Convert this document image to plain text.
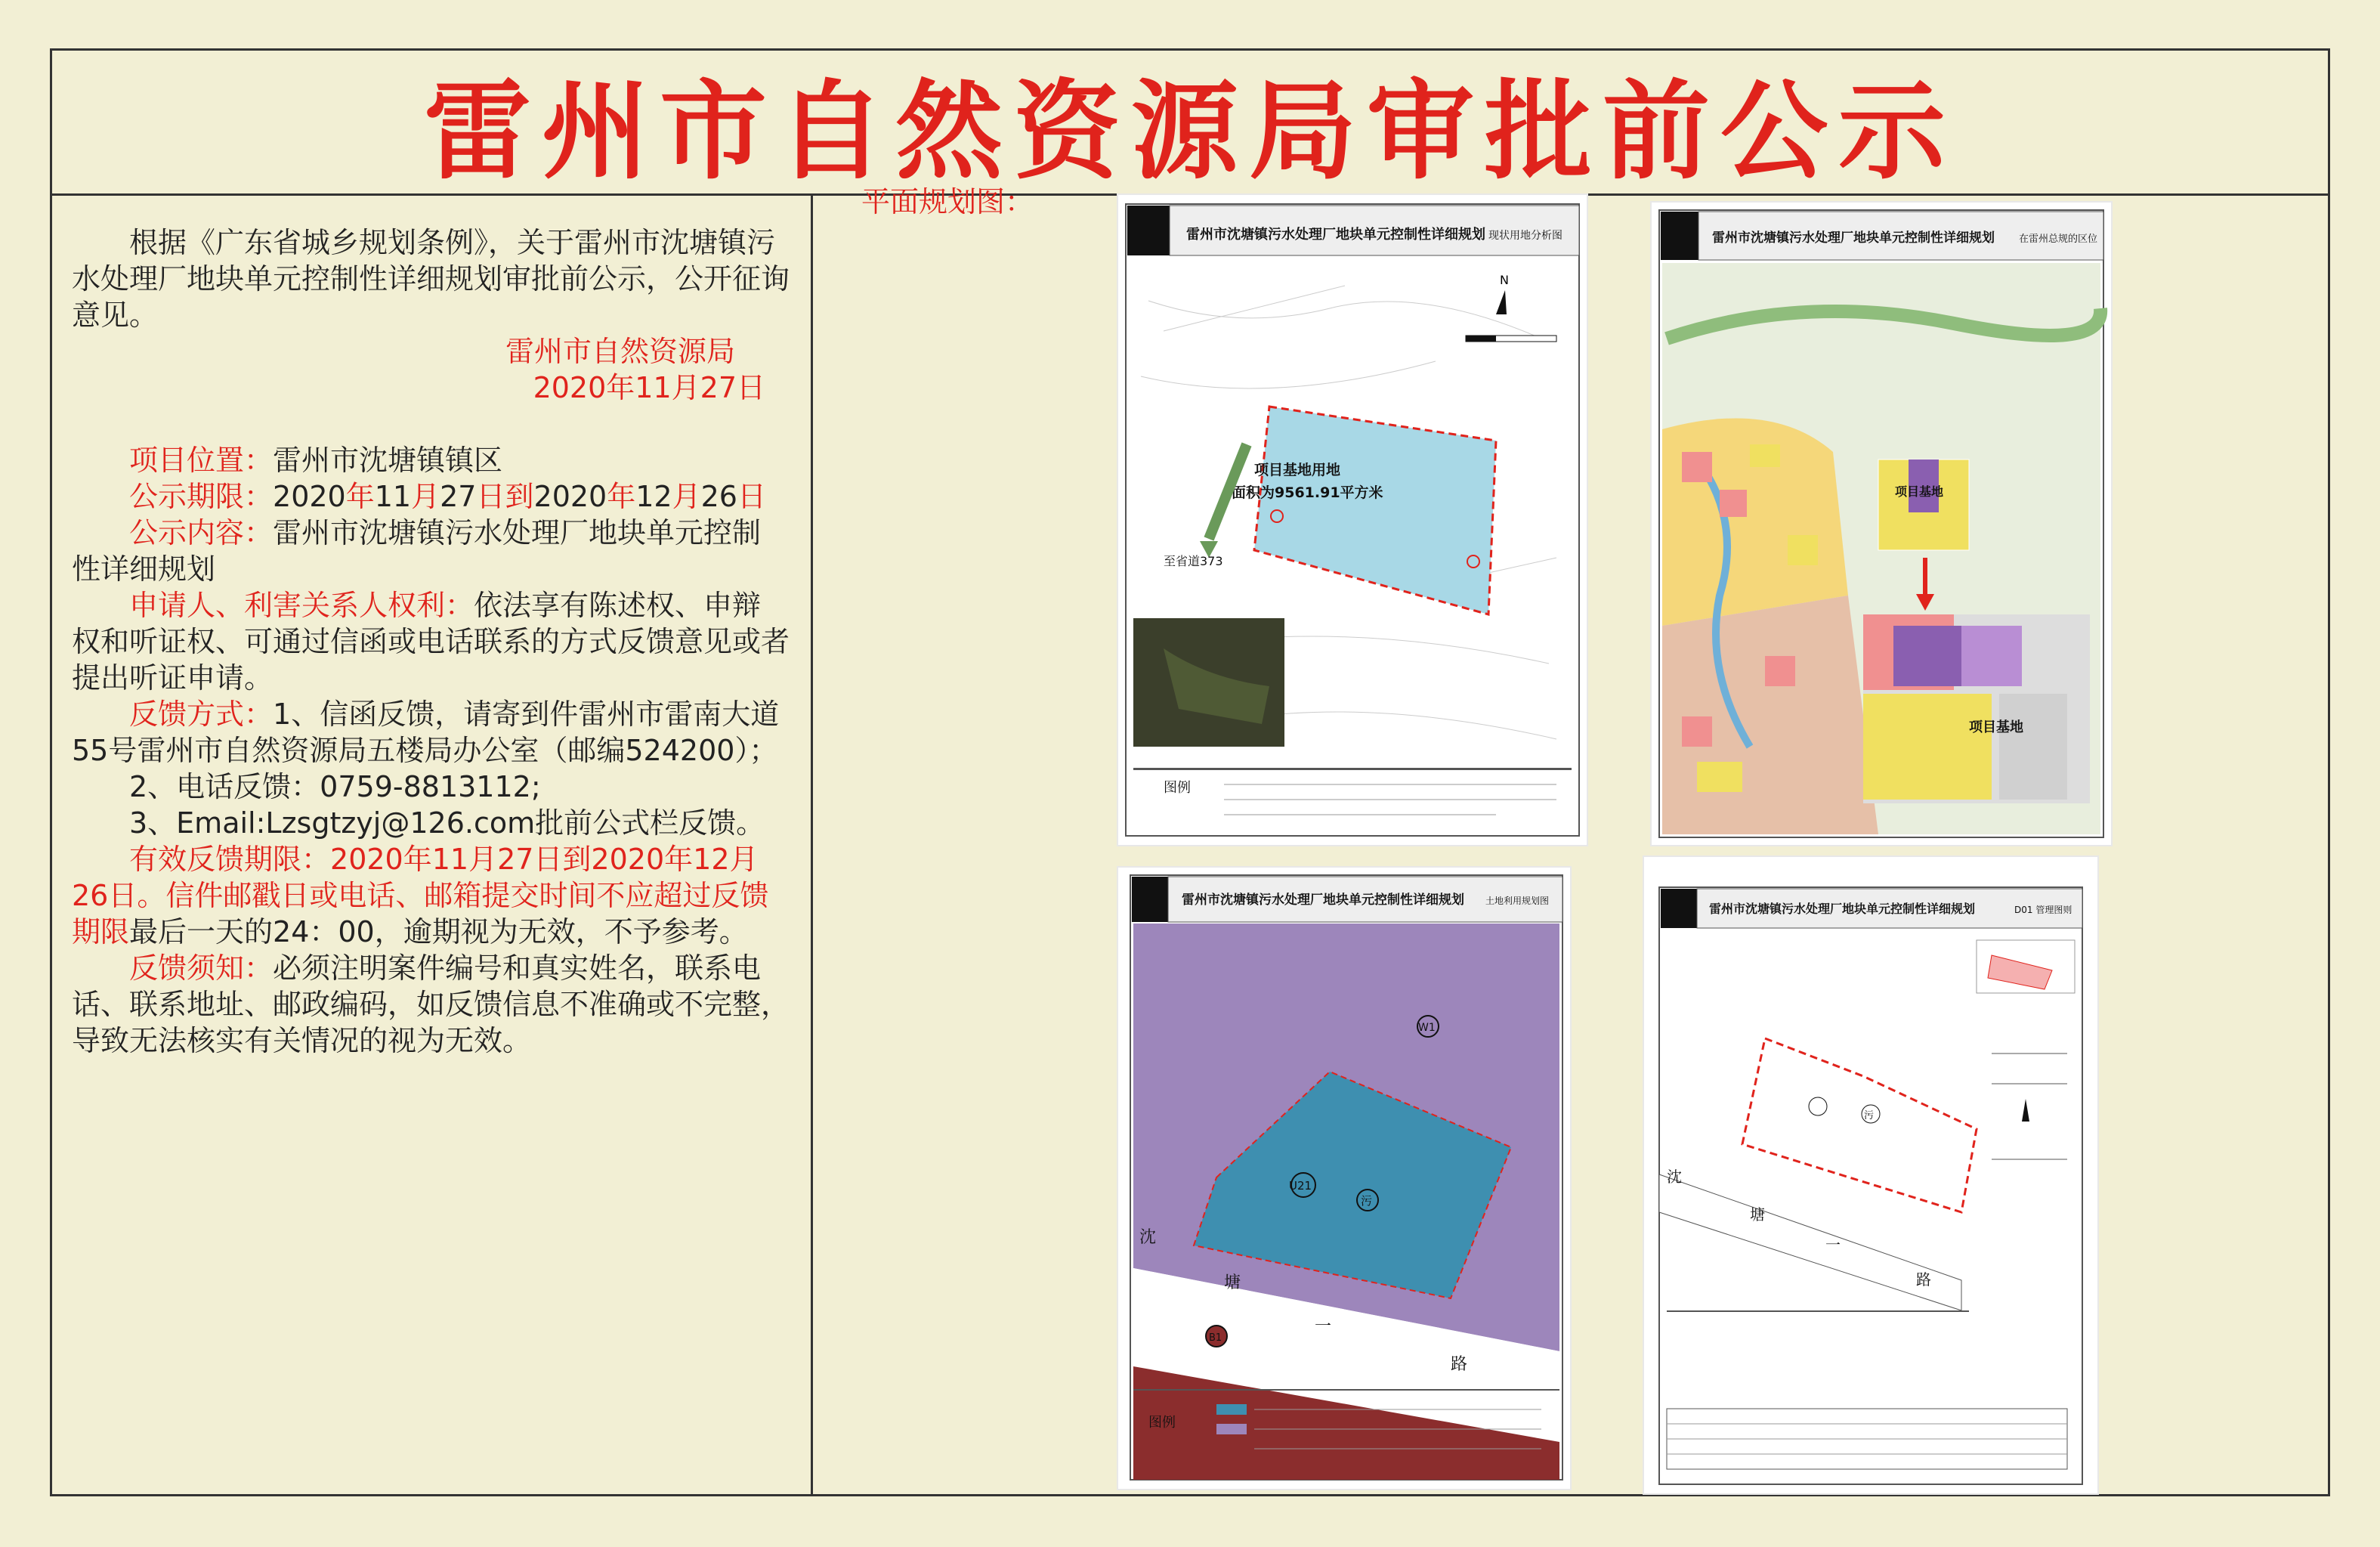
雷州市自然资源局审批前公示

根据《广东省城乡规划条例》，关于雷州市沈塘镇污水处理厂地块单元控制性详细规划审批前公示，公开征询意见。

雷州市自然资源局

2020年11月27日

项目位置：雷州市沈塘镇镇区

公示期限：2020年11月27日到2020年12月26日

公示内容：雷州市沈塘镇污水处理厂地块单元控制性详细规划

申请人、利害关系人权利：依法享有陈述权、申辩权和听证权、可通过信函或电话联系的方式反馈意见或者提出听证申请。

反馈方式：1、信函反馈，请寄到件雷州市雷南大道55号雷州市自然资源局五楼局办公室（邮编524200）；

2、电话反馈：0759-8813112;

3、Email:Lzsgtzyj@126.com批前公式栏反馈。

有效反馈期限：2020年11月27日到2020年12月26日。信件邮戳日或电话、邮箱提交时间不应超过反馈期限最后一天的24：00，逾期视为无效，不予参考。

反馈须知：必须注明案件编号和真实姓名，联系电话、联系地址、邮政编码，如反馈信息不准确或不完整，导致无法核实有关情况的视为无效。

平面规划图：
雷州市沈塘镇污水处理厂地块单元控制性详细规划 现状用地分析图
N
项目基地用地
面积为9561.91平方米
至省道373
图例
雷州市沈塘镇污水处理厂地块单元控制性详细规划 在雷州总规的区位
项目基地
项目基地
雷州市沈塘镇污水处理厂地块单元控制性详细规划 土地利用规划图
U21
W1
污
B1
沈
塘
一
路
图例
雷州市沈塘镇污水处理厂地块单元控制性详细规划	D01 管理图则
污
沈
塘
一
路
